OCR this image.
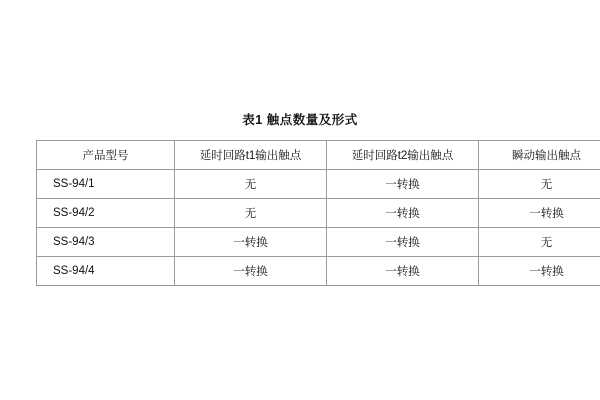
表1 触点数量及形式
产品型号	延时回路t1输出触点	延时回路t2输出触点	瞬动输出触点
SS-94/1	无	一转换	无
SS-94/2	无	一转换	一转换
SS-94/3	一转换	一转换	无
SS-94/4	一转换	一转换	一转换
